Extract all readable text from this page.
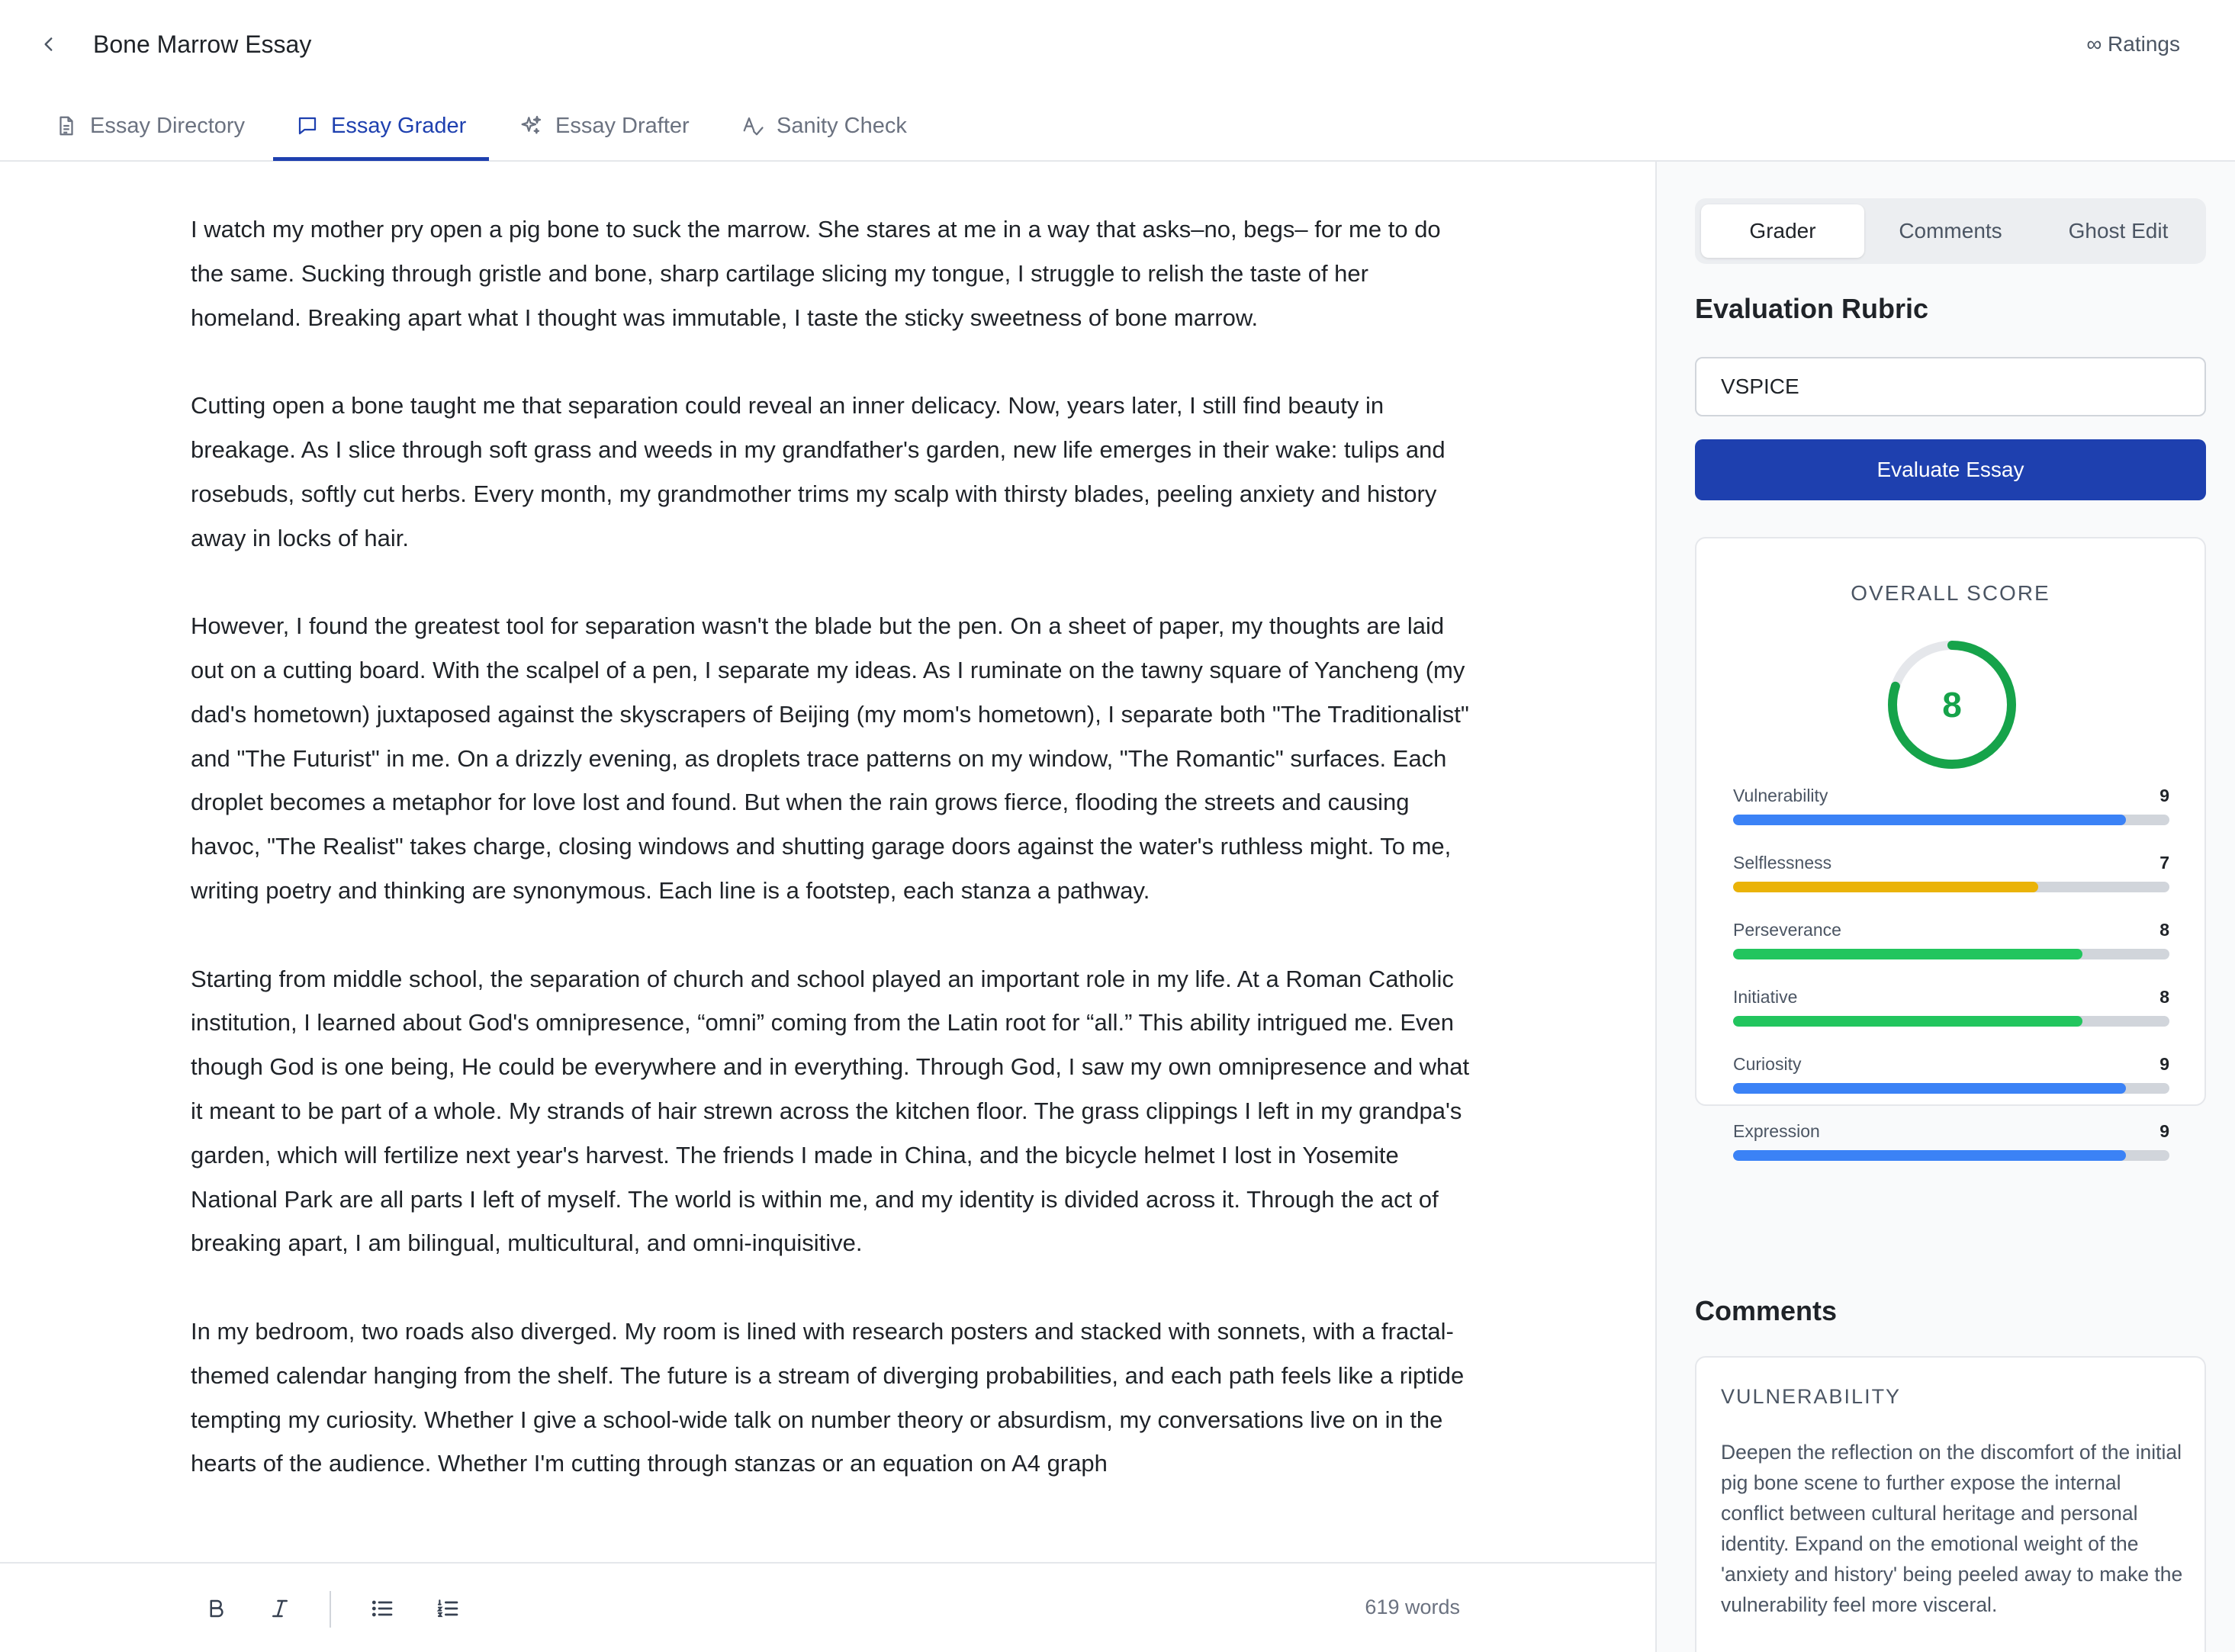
Bone Marrow Essay	∞ Ratings
Essay Directory	Essay Grader	Essay Drafter	Sanity Check

I watch my mother pry open a pig bone to suck the marrow. She stares at me in a way that asks–no, begs– for me to do the same. Sucking through gristle and bone, sharp cartilage slicing my tongue, I struggle to relish the taste of her homeland. Breaking apart what I thought was immutable, I taste the sticky sweetness of bone marrow.

Cutting open a bone taught me that separation could reveal an inner delicacy. Now, years later, I still find beauty in breakage. As I slice through soft grass and weeds in my grandfather's garden, new life emerges in their wake: tulips and rosebuds, softly cut herbs. Every month, my grandmother trims my scalp with thirsty blades, peeling anxiety and history away in locks of hair.

However, I found the greatest tool for separation wasn't the blade but the pen. On a sheet of paper, my thoughts are laid out on a cutting board. With the scalpel of a pen, I separate my ideas. As I ruminate on the tawny square of Yancheng (my dad's hometown) juxtaposed against the skyscrapers of Beijing (my mom's hometown), I separate both "The Traditionalist" and "The Futurist" in me. On a drizzly evening, as droplets trace patterns on my window, "The Romantic" surfaces. Each droplet becomes a metaphor for love lost and found. But when the rain grows fierce, flooding the streets and causing havoc, "The Realist" takes charge, closing windows and shutting garage doors against the water's ruthless might. To me, writing poetry and thinking are synonymous. Each line is a footstep, each stanza a pathway.

Starting from middle school, the separation of church and school played an important role in my life. At a Roman Catholic institution, I learned about God's omnipresence, “omni” coming from the Latin root for “all.” This ability intrigued me. Even though God is one being, He could be everywhere and in everything. Through God, I saw my own omnipresence and what it meant to be part of a whole. My strands of hair strewn across the kitchen floor. The grass clippings I left in my grandpa's garden, which will fertilize next year's harvest. The friends I made in China, and the bicycle helmet I lost in Yosemite National Park are all parts I left of myself. The world is within me, and my identity is divided across it. Through the act of breaking apart, I am bilingual, multicultural, and omni-inquisitive.

In my bedroom, two roads also diverged. My room is lined with research posters and stacked with sonnets, with a fractal-themed calendar hanging from the shelf. The future is a stream of diverging probabilities, and each path feels like a riptide tempting my curiosity. Whether I give a school-wide talk on number theory or absurdism, my conversations live on in the hearts of the audience. Whether I'm cutting through stanzas or an equation on A4 graph

619 words
Grader	Comments	Ghost Edit
Evaluation Rubric
VSPICE
Evaluate Essay
OVERALL SCORE
8
Vulnerability	9
Selflessness	7
Perseverance	8
Initiative	8
Curiosity	9
Expression	9
Comments
VULNERABILITY
Deepen the reflection on the discomfort of the initial pig bone scene to further expose the internal conflict between cultural heritage and personal identity. Expand on the emotional weight of the 'anxiety and history' being peeled away to make the vulnerability feel more visceral.
